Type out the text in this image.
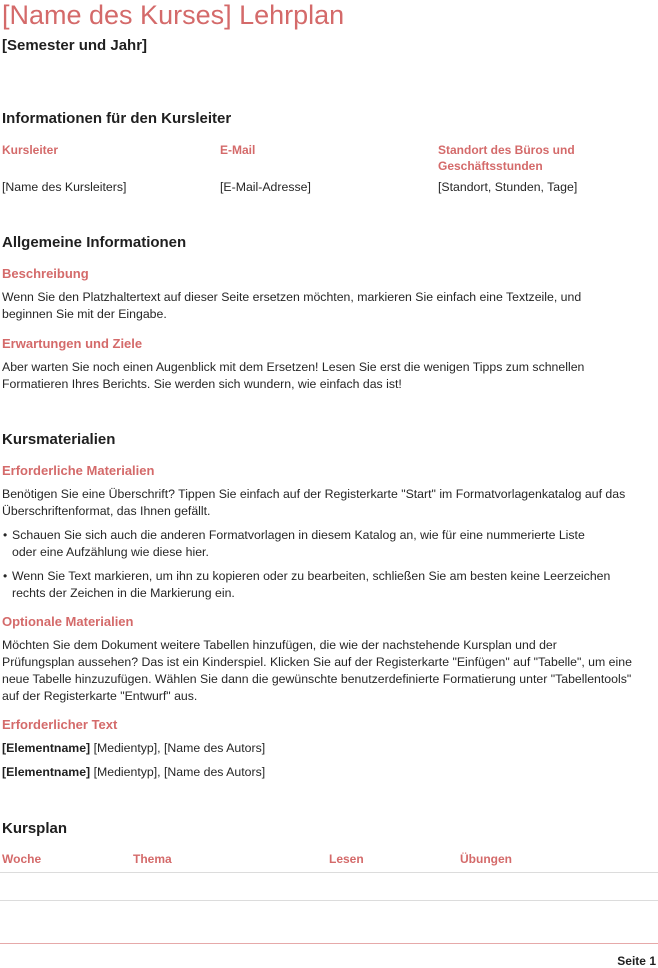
[Name des Kurses] Lehrplan
[Semester und Jahr]
Informationen für den Kursleiter
Kursleiter	E-Mail	Standort des Büros und Geschäftsstunden
[Name des Kursleiters]	[E-Mail-Adresse]	[Standort, Stunden, Tage]
Allgemeine Informationen
Beschreibung

Wenn Sie den Platzhaltertext auf dieser Seite ersetzen möchten, markieren Sie einfach eine Textzeile, und beginnen Sie mit der Eingabe.

Erwartungen und Ziele

Aber warten Sie noch einen Augenblick mit dem Ersetzen! Lesen Sie erst die wenigen Tipps zum schnellen Formatieren Ihres Berichts. Sie werden sich wundern, wie einfach das ist!

Kursmaterialien
Erforderliche Materialien

Benötigen Sie eine Überschrift? Tippen Sie einfach auf der Registerkarte "Start" im Formatvorlagenkatalog auf das Überschriftenformat, das Ihnen gefällt.

• Schauen Sie sich auch die anderen Formatvorlagen in diesem Katalog an, wie für eine nummerierte Liste oder eine Aufzählung wie diese hier.

• Wenn Sie Text markieren, um ihn zu kopieren oder zu bearbeiten, schließen Sie am besten keine Leerzeichen rechts der Zeichen in die Markierung ein.

Optionale Materialien

Möchten Sie dem Dokument weitere Tabellen hinzufügen, die wie der nachstehende Kursplan und der Prüfungsplan aussehen? Das ist ein Kinderspiel. Klicken Sie auf der Registerkarte "Einfügen" auf "Tabelle", um eine neue Tabelle hinzuzufügen. Wählen Sie dann die gewünschte benutzerdefinierte Formatierung unter "Tabellentools" auf der Registerkarte "Entwurf" aus.

Erforderlicher Text
[Elementname] [Medientyp], [Name des Autors]
[Elementname] [Medientyp], [Name des Autors]
Kursplan
Woche	Thema	Lesen	Übungen
Seite 1
